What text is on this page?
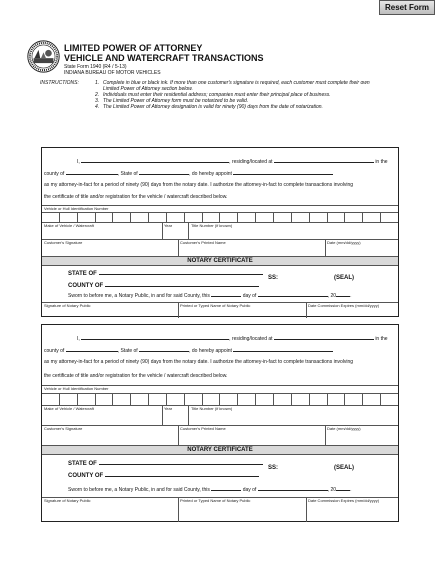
Reset Form
LIMITED POWER OF ATTORNEY
VEHICLE AND WATERCRAFT TRANSACTIONS
State Form 1940 (R4 / 5-13)
INDIANA BUREAU OF MOTOR VEHICLES
INSTRUCTIONS:	1. Complete in blue or black ink. If more than one customer's signature is required, each customer must complete their own
Limited Power of Attorney section below.
2. Individuals must enter their residential address; companies must enter their principal place of business.
3. The Limited Power of Attorney form must be notarized to be valid.
4. The Limited Power of Attorney designation is valid for ninety (90) days from the date of notarization.
I,	, residing/located at	in the
county of	, State of	, do hereby appoint
as my attorney-in-fact for a period of ninety (90) days from the notary date. I authorize the attorney-in-fact to complete transactions involving
the certificate of title and/or registration for the vehicle / watercraft described below.
Vehicle or Hull Identification Number
Make of Vehicle / Watercraft	Year	Title Number (if known)
Customer's Signature	Customer's Printed Name	Date (mm/dd/yyyy)
NOTARY CERTIFICATE
STATE OF
SS:	(SEAL)
COUNTY OF
Sworn to before me, a Notary Public, in and for said County, this	day of	, 20	.
Signature of Notary Public	Printed or Typed Name of Notary Public	Date Commission Expires (mm/dd/yyyy)
I,	, residing/located at	in the
county of	, State of	, do hereby appoint
as my attorney-in-fact for a period of ninety (90) days from the notary date. I authorize the attorney-in-fact to complete transactions involving
the certificate of title and/or registration for the vehicle / watercraft described below.
Vehicle or Hull Identification Number
Make of Vehicle / Watercraft	Year	Title Number (if known)
Customer's Signature	Customer's Printed Name	Date (mm/dd/yyyy)
NOTARY CERTIFICATE
STATE OF
SS:	(SEAL)
COUNTY OF
Sworn to before me, a Notary Public, in and for said County, this	day of	, 20	.
Signature of Notary Public	Printed or Typed Name of Notary Public	Date Commission Expires (mm/dd/yyyy)
